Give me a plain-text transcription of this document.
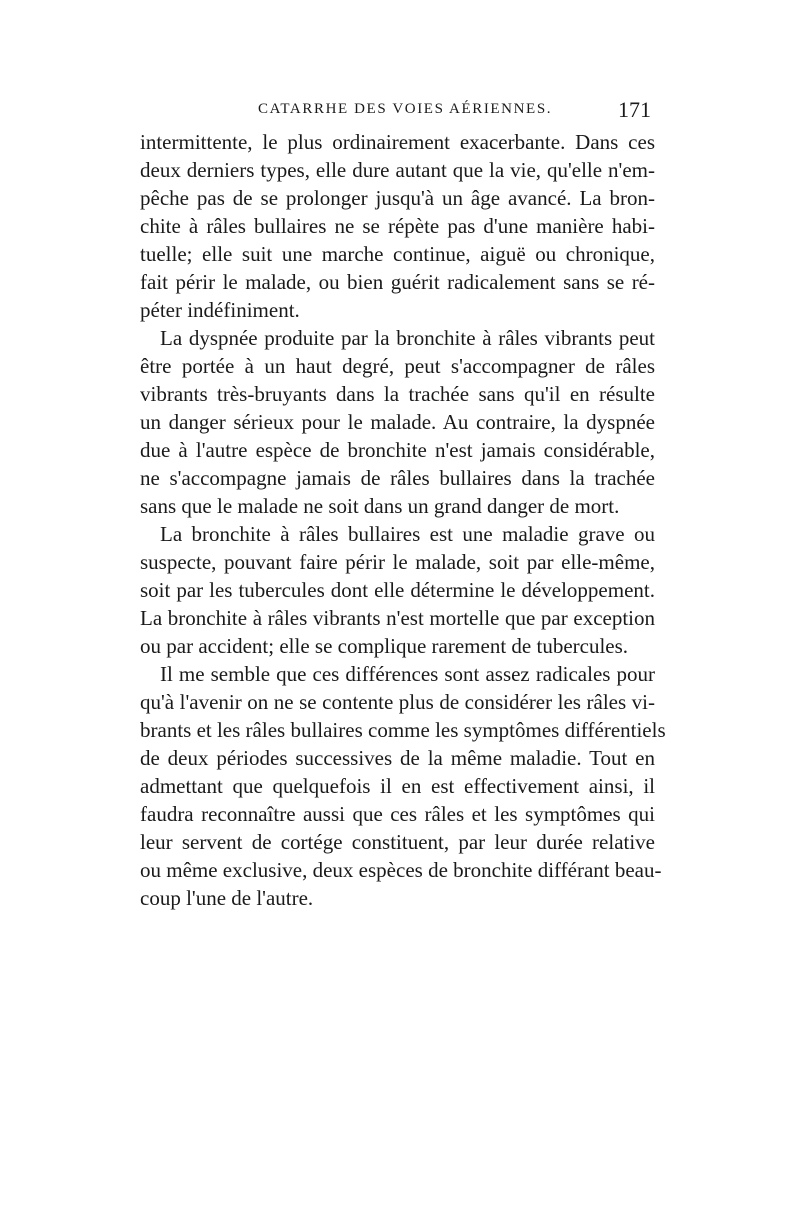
CATARRHE DES VOIES AÉRIENNES.	171
intermittente, le plus ordinairement exacerbante. Dans ces
deux derniers types, elle dure autant que la vie, qu'elle n'em-
pêche pas de se prolonger jusqu'à un âge avancé. La bron-
chite à râles bullaires ne se répète pas d'une manière habi-
tuelle; elle suit une marche continue, aiguë ou chronique,
fait périr le malade, ou bien guérit radicalement sans se ré-
péter indéfiniment.
La dyspnée produite par la bronchite à râles vibrants peut
être portée à un haut degré, peut s'accompagner de râles
vibrants très-bruyants dans la trachée sans qu'il en résulte
un danger sérieux pour le malade. Au contraire, la dyspnée
due à l'autre espèce de bronchite n'est jamais considérable,
ne s'accompagne jamais de râles bullaires dans la trachée
sans que le malade ne soit dans un grand danger de mort.
La bronchite à râles bullaires est une maladie grave ou
suspecte, pouvant faire périr le malade, soit par elle-même,
soit par les tubercules dont elle détermine le développement.
La bronchite à râles vibrants n'est mortelle que par exception
ou par accident; elle se complique rarement de tubercules.
Il me semble que ces différences sont assez radicales pour
qu'à l'avenir on ne se contente plus de considérer les râles vi-
brants et les râles bullaires comme les symptômes différentiels
de deux périodes successives de la même maladie. Tout en
admettant que quelquefois il en est effectivement ainsi, il
faudra reconnaître aussi que ces râles et les symptômes qui
leur servent de cortége constituent, par leur durée relative
ou même exclusive, deux espèces de bronchite différant beau-
coup l'une de l'autre.
